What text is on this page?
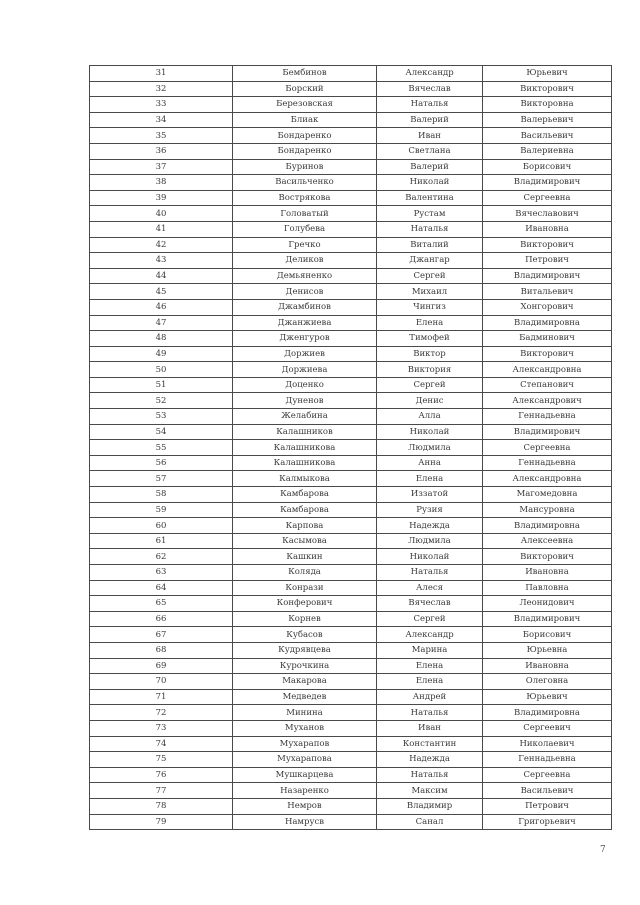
31	Бембинов	Александр	Юрьевич
32	Борский	Вячеслав	Викторович
33	Березовская	Наталья	Викторовна
34	Блиак	Валерий	Валерьевич
35	Бондаренко	Иван	Васильевич
36	Бондаренко	Светлана	Валериевна
37	Буринов	Валерий	Борисович
38	Васильченко	Николай	Владимирович
39	Вострякова	Валентина	Сергеевна
40	Головатый	Рустам	Вячеславович
41	Голубева	Наталья	Ивановна
42	Гречко	Виталий	Викторович
43	Деликов	Джангар	Петрович
44	Демьяненко	Сергей	Владимирович
45	Денисов	Михаил	Витальевич
46	Джамбинов	Чингиз	Хонгорович
47	Джанжиева	Елена	Владимировна
48	Дженгуров	Тимофей	Бадминович
49	Доржиев	Виктор	Викторович
50	Доржиева	Виктория	Александровна
51	Доценко	Сергей	Степанович
52	Дуненов	Денис	Александрович
53	Желабина	Алла	Геннадьевна
54	Калашников	Николай	Владимирович
55	Калашникова	Людмила	Сергеевна
56	Калашникова	Анна	Геннадьевна
57	Калмыкова	Елена	Александровна
58	Камбарова	Иззатой	Магомедовна
59	Камбарова	Рузия	Мансуровна
60	Карпова	Надежда	Владимировна
61	Касымова	Людмила	Алексеевна
62	Кашкин	Николай	Викторович
63	Коляда	Наталья	Ивановна
64	Конрази	Алеся	Павловна
65	Конферович	Вячеслав	Леонидович
66	Корнев	Сергей	Владимирович
67	Кубасов	Александр	Борисович
68	Кудрявцева	Марина	Юрьевна
69	Курочкина	Елена	Ивановна
70	Макарова	Елена	Олеговна
71	Медведев	Андрей	Юрьевич
72	Минина	Наталья	Владимировна
73	Муханов	Иван	Сергеевич
74	Мухарапов	Константин	Николаевич
75	Мухарапова	Надежда	Геннадьевна
76	Мушкарцева	Наталья	Сергеевна
77	Назаренко	Максим	Васильевич
78	Немров	Владимир	Петрович
79	Намрусв	Санал	Григорьевич
7
